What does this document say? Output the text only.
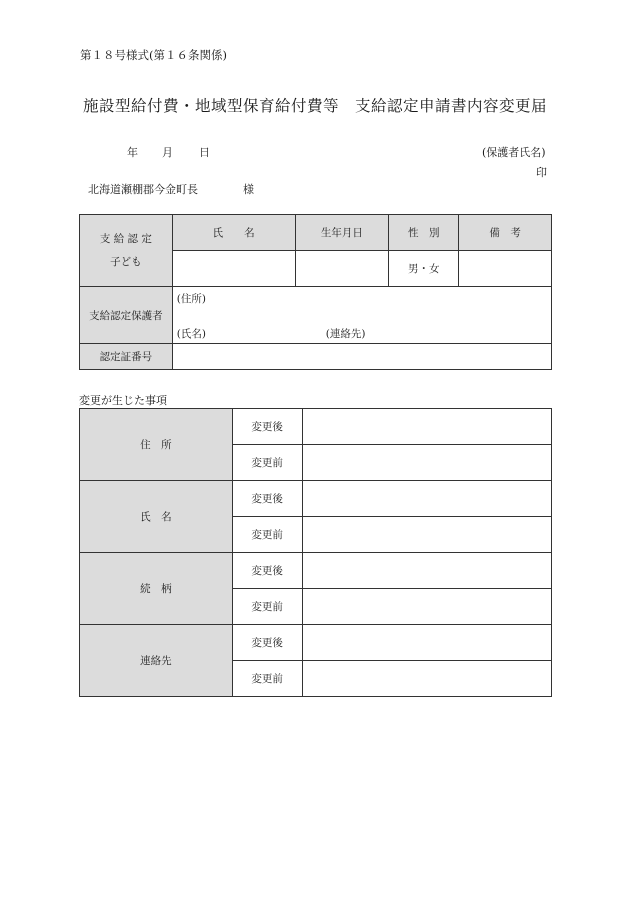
第１８号様式(第１６条関係)
施設型給付費・地域型保育給付費等　支給認定申請書内容変更届
年 月 日	(保護者氏名)
印
北海道瀬棚郡今金町長	様
支 給 認 定
子ども	氏　　名	生年月日	性　別	備　考
			男・女	
支給認定保護者	(住所)
(氏名) (連絡先)			

認定証番号				
変更が生じた事項
住　所	変更後	
	変更前	
氏　名	変更後	
	変更前	
続　柄	変更後	
	変更前	
連絡先	変更後	
	変更前	
